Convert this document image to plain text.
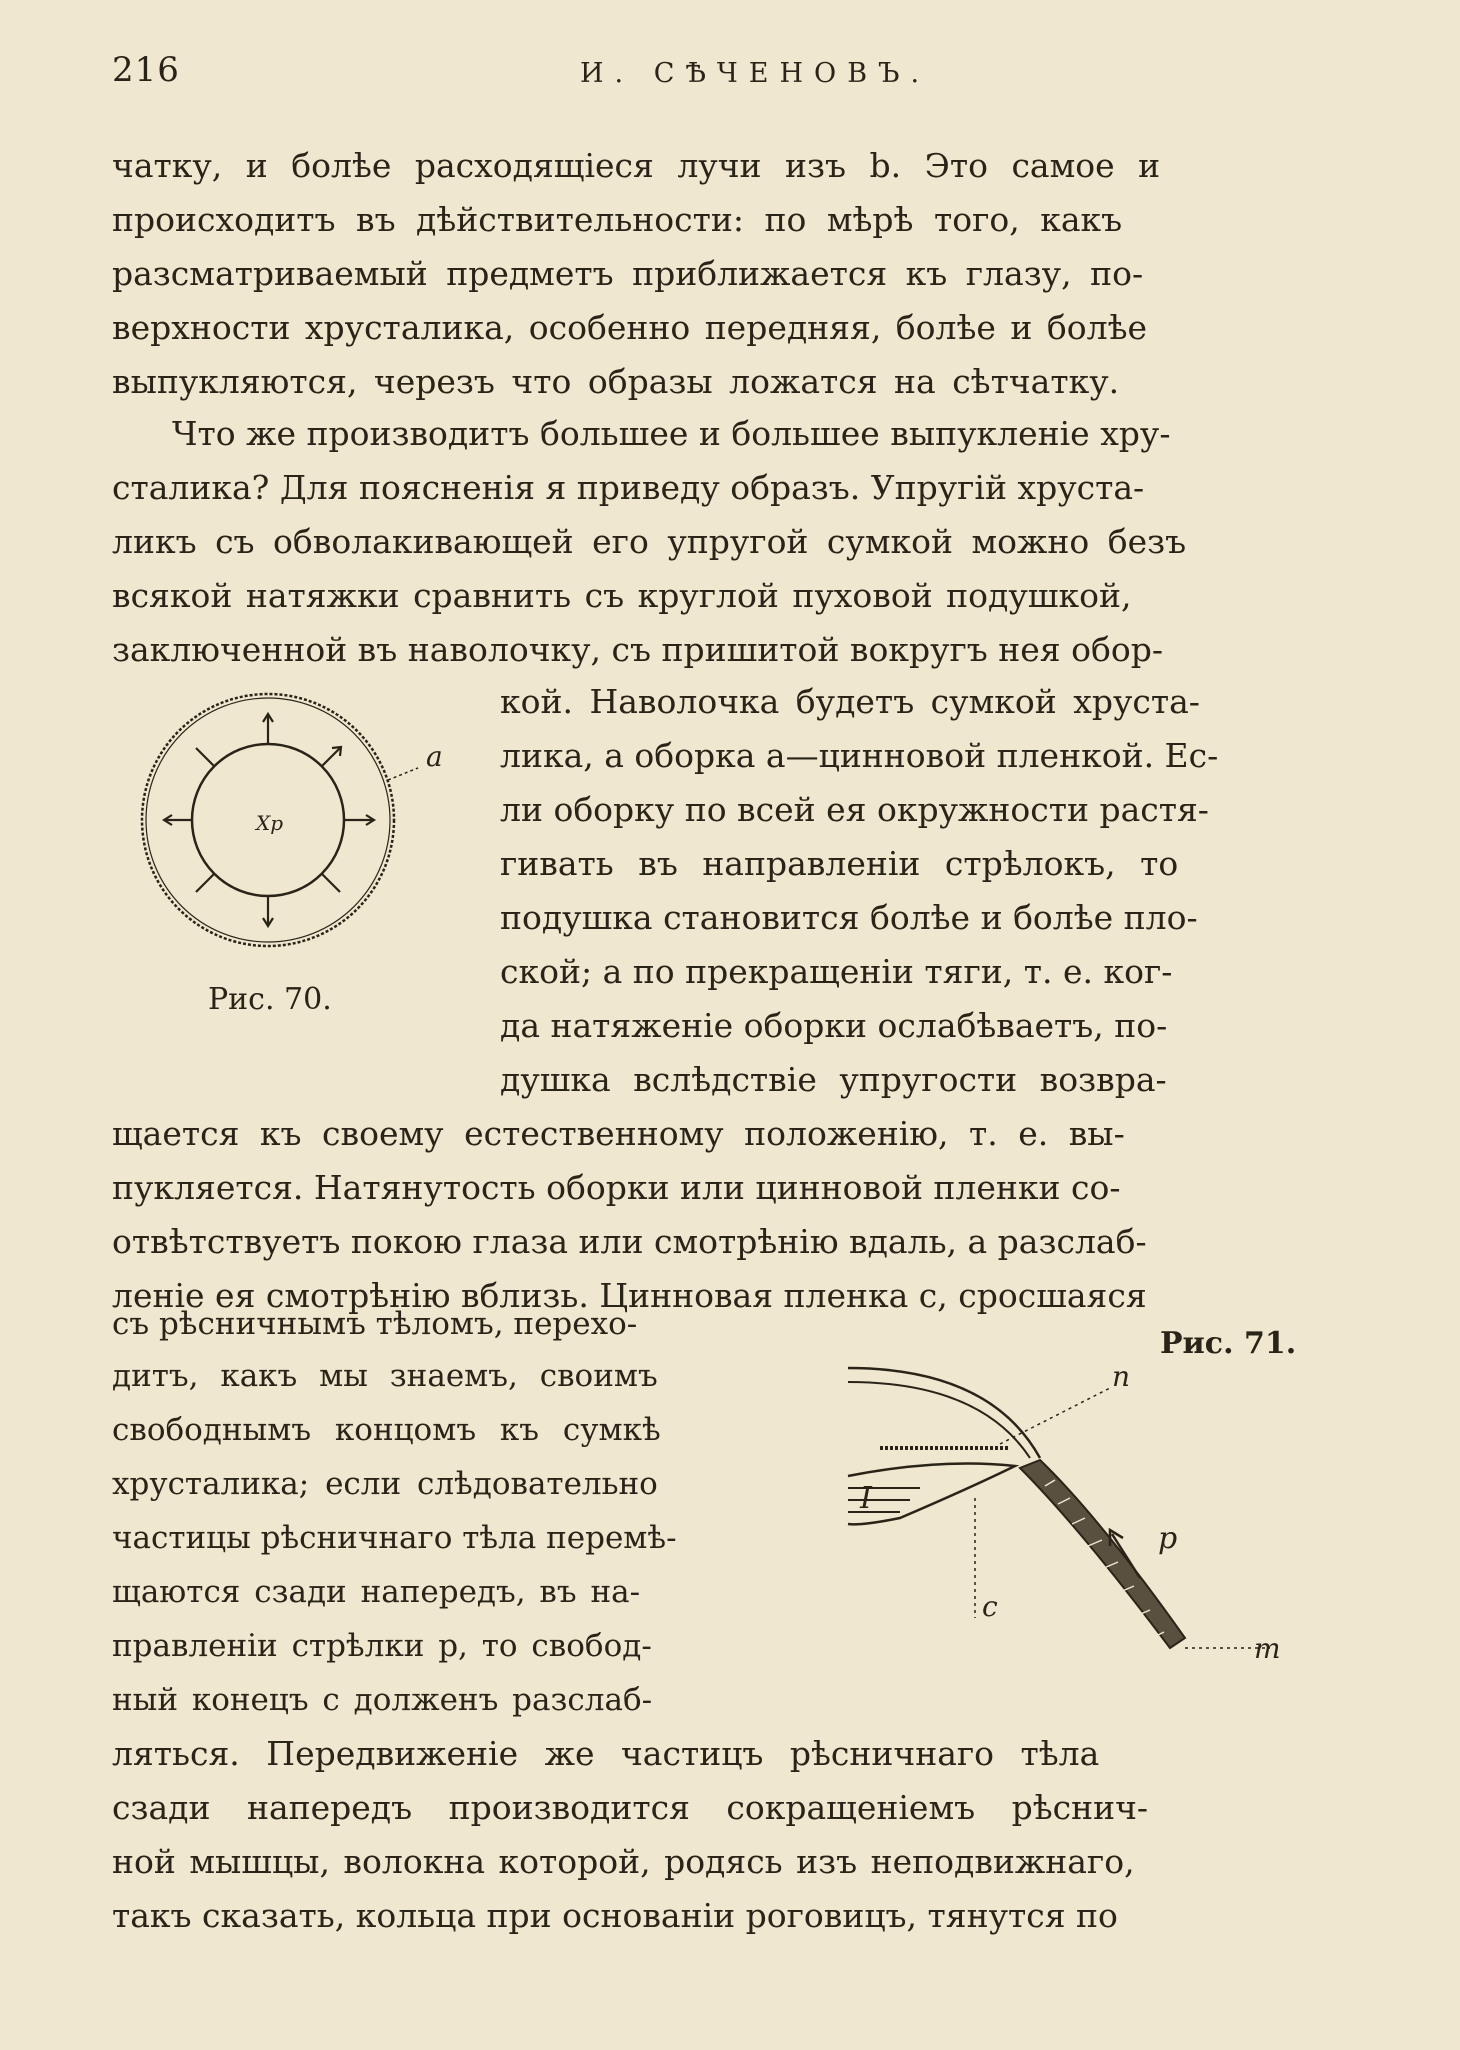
216	И. СѢЧЕНОВЪ.
чатку, и болѣе расходящіеся лучи изъ b. Это самое и
происходитъ въ дѣйствительности: по мѣрѣ того, какъ
разсматриваемый предметъ приближается къ глазу, по-
верхности хрусталика, особенно передняя, болѣе и болѣе
выпукляются, черезъ что образы ложатся на сѣтчатку.
Что же производитъ большее и большее выпукленіе хру-
сталика? Для поясненія я приведу образъ. Упругій хруста-
ликъ съ обволакивающей его упругой сумкой можно безъ
всякой натяжки сравнить съ круглой пуховой подушкой,
заключенной въ наволочку, съ пришитой вокругъ нея обор-
кой. Наволочка будетъ сумкой хруста-
лика, а оборка a—цинновой пленкой. Ес-
ли оборку по всей ея окружности растя-
гивать въ направленіи стрѣлокъ, то
подушка становится болѣе и болѣе пло-
ской; а по прекращеніи тяги, т. е. ког-
да натяженіе оборки ослабѣваетъ, по-
душка вслѣдствіе упругости возвра-
щается къ своему естественному положенію, т. е. вы-
пукляется. Натянутость оборки или цинновой пленки со-
отвѣтствуетъ покою глаза или смотрѣнію вдаль, а разслаб-
леніе ея смотрѣнію вблизь. Цинновая пленка c, сросшаяся
съ рѣсничнымъ тѣломъ, перехо-
дитъ, какъ мы знаемъ, своимъ
свободнымъ концомъ къ сумкѣ
хрусталика; если слѣдовательно
частицы рѣсничнаго тѣла перемѣ-
щаются сзади напередъ, въ на-
правленіи стрѣлки p, то свобод-
ный конецъ c долженъ разслаб-
ляться. Передвиженіе же частицъ рѣсничнаго тѣла
сзади напередъ производится сокращеніемъ рѣснич-
ной мышцы, волокна которой, родясь изъ неподвижнаго,
такъ сказать, кольца при основаніи роговицъ, тянутся по
Хр
a
Рис. 70.
Рис. 71.
I
n
p
c
m
